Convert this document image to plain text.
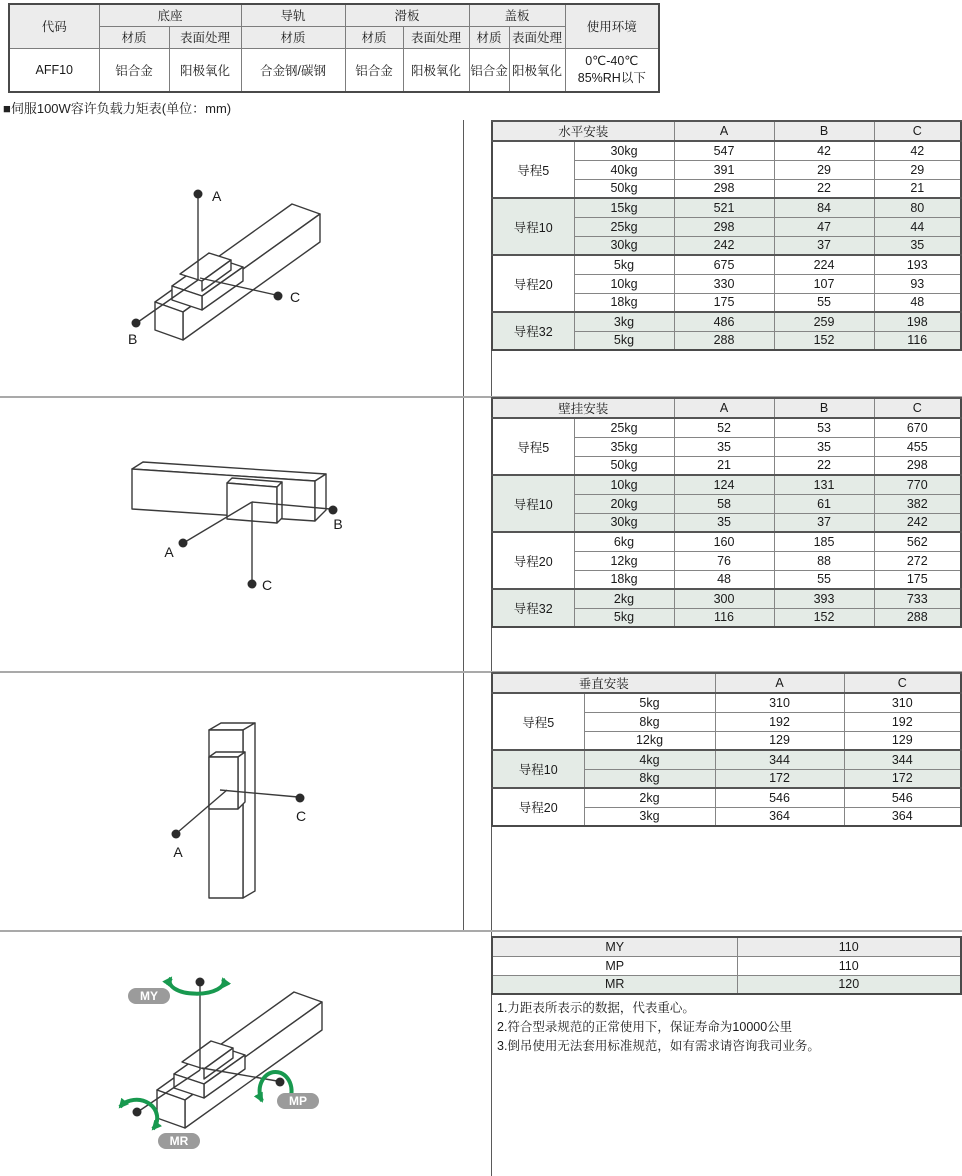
代码	底座		导轨	滑板		盖板		使用环境
	材质	表面处理	材质	材质	表面处理	材质	表面处理	
AFF10	铝合金	阳极氧化	合金钢/碳钢	铝合金	阳极氧化	铝合金	阳极氧化	0℃-40℃
85%RH以下
■伺服100W容许负载力矩表(单位：mm)
水平安装		A	B	C
导程5	30kg	547	42	42
	40kg	391	29	29
	50kg	298	22	21
导程10	15kg	521	84	80
	25kg	298	47	44
	30kg	242	37	35
导程20	5kg	675	224	193
	10kg	330	107	93
	18kg	175	55	48
导程32	3kg	486	259	198
	5kg	288	152	116
壁挂安装		A	B	C
导程5	25kg	52	53	670
	35kg	35	35	455
	50kg	21	22	298
导程10	10kg	124	131	770
	20kg	58	61	382
	30kg	35	37	242
导程20	6kg	160	185	562
	12kg	76	88	272
	18kg	48	55	175
导程32	2kg	300	393	733
	5kg	116	152	288
垂直安装		A	C
导程5	5kg	310	310
	8kg	192	192
	12kg	129	129
导程10	4kg	344	344
	8kg	172	172
导程20	2kg	546	546
	3kg	364	364
MY	110
MP	110
MR	120
1.力距表所表示的数据，代表重心。
2.符合型录规范的正常使用下，保证寿命为10000公里
3.倒吊使用无法套用标准规范，如有需求请咨询我司业务。
A
C
B
B
A
C
A
C
MY
MP
MR
